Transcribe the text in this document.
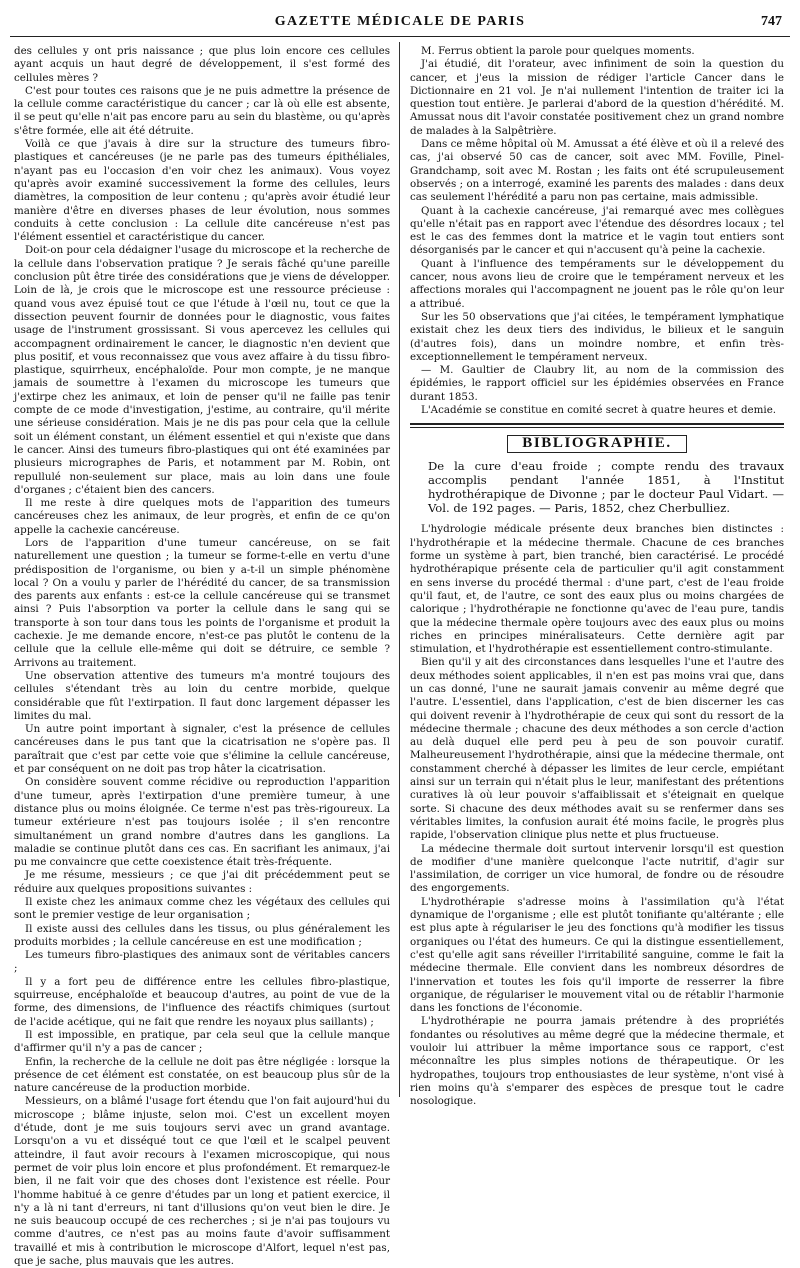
GAZETTE MÉDICALE DE PARIS	747

des cellules y ont pris naissance ; que plus loin encore ces cellules ayant acquis un haut degré de développement, il s'est formé des cellules mères ?

C'est pour toutes ces raisons que je ne puis admettre la présence de la cellule comme caractéristique du cancer ; car là où elle est absente, il se peut qu'elle n'ait pas encore paru au sein du blastème, ou qu'après s'être formée, elle ait été détruite.

Voilà ce que j'avais à dire sur la structure des tumeurs fibro-plastiques et cancéreuses (je ne parle pas des tumeurs épithéliales, n'ayant pas eu l'occasion d'en voir chez les animaux). Vous voyez qu'après avoir examiné successivement la forme des cellules, leurs diamètres, la composition de leur contenu ; qu'après avoir étudié leur manière d'être en diverses phases de leur évolution, nous sommes conduits à cette conclusion : La cellule dite cancéreuse n'est pas l'élément essentiel et caractéristique du cancer.

Doit-on pour cela dédaigner l'usage du microscope et la recherche de la cellule dans l'observation pratique ? Je serais fâché qu'une pareille conclusion pût être tirée des considérations que je viens de développer. Loin de là, je crois que le microscope est une ressource précieuse : quand vous avez épuisé tout ce que l'étude à l'œil nu, tout ce que la dissection peuvent fournir de données pour le diagnostic, vous faites usage de l'instrument grossissant. Si vous apercevez les cellules qui accompagnent ordinairement le cancer, le diagnostic n'en devient que plus positif, et vous reconnaissez que vous avez affaire à du tissu fibro-plastique, squirrheux, encéphaloïde. Pour mon compte, je ne manque jamais de soumettre à l'examen du microscope les tumeurs que j'extirpe chez les animaux, et loin de penser qu'il ne faille pas tenir compte de ce mode d'investigation, j'estime, au contraire, qu'il mérite une sérieuse considération. Mais je ne dis pas pour cela que la cellule soit un élément constant, un élément essentiel et qui n'existe que dans le cancer. Ainsi des tumeurs fibro-plastiques qui ont été examinées par plusieurs micrographes de Paris, et notamment par M. Robin, ont repullulé non-seulement sur place, mais au loin dans une foule d'organes ; c'étaient bien des cancers.

Il me reste à dire quelques mots de l'apparition des tumeurs cancéreuses chez les animaux, de leur progrès, et enfin de ce qu'on appelle la cachexie cancéreuse.

Lors de l'apparition d'une tumeur cancéreuse, on se fait naturellement une question ; la tumeur se forme-t-elle en vertu d'une prédisposition de l'organisme, ou bien y a-t-il un simple phénomène local ? On a voulu y parler de l'hérédité du cancer, de sa transmission des parents aux enfants : est-ce la cellule cancéreuse qui se transmet ainsi ? Puis l'absorption va porter la cellule dans le sang qui se transporte à son tour dans tous les points de l'organisme et produit la cachexie. Je me demande encore, n'est-ce pas plutôt le contenu de la cellule que la cellule elle-même qui doit se détruire, ce semble ? Arrivons au traitement.

Une observation attentive des tumeurs m'a montré toujours des cellules s'étendant très au loin du centre morbide, quelque considérable que fût l'extirpation. Il faut donc largement dépasser les limites du mal.

Un autre point important à signaler, c'est la présence de cellules cancéreuses dans le pus tant que la cicatrisation ne s'opère pas. Il paraîtrait que c'est par cette voie que s'élimine la cellule cancéreuse, et par conséquent on ne doit pas trop hâter la cicatrisation.

On considère souvent comme récidive ou reproduction l'apparition d'une tumeur, après l'extirpation d'une première tumeur, à une distance plus ou moins éloignée. Ce terme n'est pas très-rigoureux. La tumeur extérieure n'est pas toujours isolée ; il s'en rencontre simultanément un grand nombre d'autres dans les ganglions. La maladie se continue plutôt dans ces cas. En sacrifiant les animaux, j'ai pu me convaincre que cette coexistence était très-fréquente.

Je me résume, messieurs ; ce que j'ai dit précédemment peut se réduire aux quelques propositions suivantes :

Il existe chez les animaux comme chez les végétaux des cellules qui sont le premier vestige de leur organisation ;

Il existe aussi des cellules dans les tissus, ou plus généralement les produits morbides ; la cellule cancéreuse en est une modification ;

Les tumeurs fibro-plastiques des animaux sont de véritables cancers ;

Il y a fort peu de différence entre les cellules fibro-plastique, squirreuse, encéphaloïde et beaucoup d'autres, au point de vue de la forme, des dimensions, de l'influence des réactifs chimiques (surtout de l'acide acétique, qui ne fait que rendre les noyaux plus saillants) ;

Il est impossible, en pratique, par cela seul que la cellule manque d'affirmer qu'il n'y a pas de cancer ;

Enfin, la recherche de la cellule ne doit pas être négligée : lorsque la présence de cet élément est constatée, on est beaucoup plus sûr de la nature cancéreuse de la production morbide.

Messieurs, on a blâmé l'usage fort étendu que l'on fait aujourd'hui du microscope ; blâme injuste, selon moi. C'est un excellent moyen d'étude, dont je me suis toujours servi avec un grand avantage. Lorsqu'on a vu et disséqué tout ce que l'œil et le scalpel peuvent atteindre, il faut avoir recours à l'examen microscopique, qui nous permet de voir plus loin encore et plus profondément. Et remarquez-le bien, il ne fait voir que des choses dont l'existence est réelle. Pour l'homme habitué à ce genre d'études par un long et patient exercice, il n'y a là ni tant d'erreurs, ni tant d'illusions qu'on veut bien le dire. Je ne suis beaucoup occupé de ces recherches ; si je n'ai pas toujours vu comme d'autres, ce n'est pas au moins faute d'avoir suffisamment travaillé et mis à contribution le microscope d'Alfort, lequel n'est pas, que je sache, plus mauvais que les autres.

M. Ferrus obtient la parole pour quelques moments.

J'ai étudié, dit l'orateur, avec infiniment de soin la question du cancer, et j'eus la mission de rédiger l'article Cancer dans le Dictionnaire en 21 vol. Je n'ai nullement l'intention de traiter ici la question tout entière. Je parlerai d'abord de la question d'hérédité. M. Amussat nous dit l'avoir constatée positivement chez un grand nombre de malades à la Salpêtrière.

Dans ce même hôpital où M. Amussat a été élève et où il a relevé des cas, j'ai observé 50 cas de cancer, soit avec MM. Foville, Pinel-Grandchamp, soit avec M. Rostan ; les faits ont été scrupuleusement observés ; on a interrogé, examiné les parents des malades : dans deux cas seulement l'hérédité a paru non pas certaine, mais admissible.

Quant à la cachexie cancéreuse, j'ai remarqué avec mes collègues qu'elle n'était pas en rapport avec l'étendue des désordres locaux ; tel est le cas des femmes dont la matrice et le vagin tout entiers sont désorganisés par le cancer et qui n'accusent qu'à peine la cachexie.

Quant à l'influence des tempéraments sur le développement du cancer, nous avons lieu de croire que le tempérament nerveux et les affections morales qui l'accompagnent ne jouent pas le rôle qu'on leur a attribué.

Sur les 50 observations que j'ai citées, le tempérament lymphatique existait chez les deux tiers des individus, le bilieux et le sanguin (d'autres fois), dans un moindre nombre, et enfin très-exceptionnellement le tempérament nerveux.

— M. Gaultier de Claubry lit, au nom de la commission des épidémies, le rapport officiel sur les épidémies observées en France durant 1853.

L'Académie se constitue en comité secret à quatre heures et demie.

BIBLIOGRAPHIE.
De la cure d'eau froide ; compte rendu des travaux accomplis pendant l'année 1851, à l'Institut hydrothérapique de Divonne ; par le docteur Paul Vidart. — Vol. de 192 pages. — Paris, 1852, chez Cherbulliez.

L'hydrologie médicale présente deux branches bien distinctes : l'hydrothérapie et la médecine thermale. Chacune de ces branches forme un système à part, bien tranché, bien caractérisé. Le procédé hydrothérapique présente cela de particulier qu'il agit constamment en sens inverse du procédé thermal : d'une part, c'est de l'eau froide qu'il faut, et, de l'autre, ce sont des eaux plus ou moins chargées de calorique ; l'hydrothérapie ne fonctionne qu'avec de l'eau pure, tandis que la médecine thermale opère toujours avec des eaux plus ou moins riches en principes minéralisateurs. Cette dernière agit par stimulation, et l'hydrothérapie est essentiellement contro-stimulante.

Bien qu'il y ait des circonstances dans lesquelles l'une et l'autre des deux méthodes soient applicables, il n'en est pas moins vrai que, dans un cas donné, l'une ne saurait jamais convenir au même degré que l'autre. L'essentiel, dans l'application, c'est de bien discerner les cas qui doivent revenir à l'hydrothérapie de ceux qui sont du ressort de la médecine thermale ; chacune des deux méthodes a son cercle d'action au delà duquel elle perd peu à peu de son pouvoir curatif. Malheureusement l'hydrothérapie, ainsi que la médecine thermale, ont constamment cherché à dépasser les limites de leur cercle, empiétant ainsi sur un terrain qui n'était plus le leur, manifestant des prétentions curatives là où leur pouvoir s'affaiblissait et s'éteignait en quelque sorte. Si chacune des deux méthodes avait su se renfermer dans ses véritables limites, la confusion aurait été moins facile, le progrès plus rapide, l'observation clinique plus nette et plus fructueuse.

La médecine thermale doit surtout intervenir lorsqu'il est question de modifier d'une manière quelconque l'acte nutritif, d'agir sur l'assimilation, de corriger un vice humoral, de fondre ou de résoudre des engorgements.

L'hydrothérapie s'adresse moins à l'assimilation qu'à l'état dynamique de l'organisme ; elle est plutôt tonifiante qu'altérante ; elle est plus apte à régulariser le jeu des fonctions qu'à modifier les tissus organiques ou l'état des humeurs. Ce qui la distingue essentiellement, c'est qu'elle agit sans réveiller l'irritabilité sanguine, comme le fait la médecine thermale. Elle convient dans les nombreux désordres de l'innervation et toutes les fois qu'il importe de resserrer la fibre organique, de régulariser le mouvement vital ou de rétablir l'harmonie dans les fonctions de l'économie.

L'hydrothérapie ne pourra jamais prétendre à des propriétés fondantes ou résolutives au même degré que la médecine thermale, et vouloir lui attribuer la même importance sous ce rapport, c'est méconnaître les plus simples notions de thérapeutique. Or les hydropathes, toujours trop enthousiastes de leur système, n'ont visé à rien moins qu'à s'emparer des espèces de presque tout le cadre nosologique.
